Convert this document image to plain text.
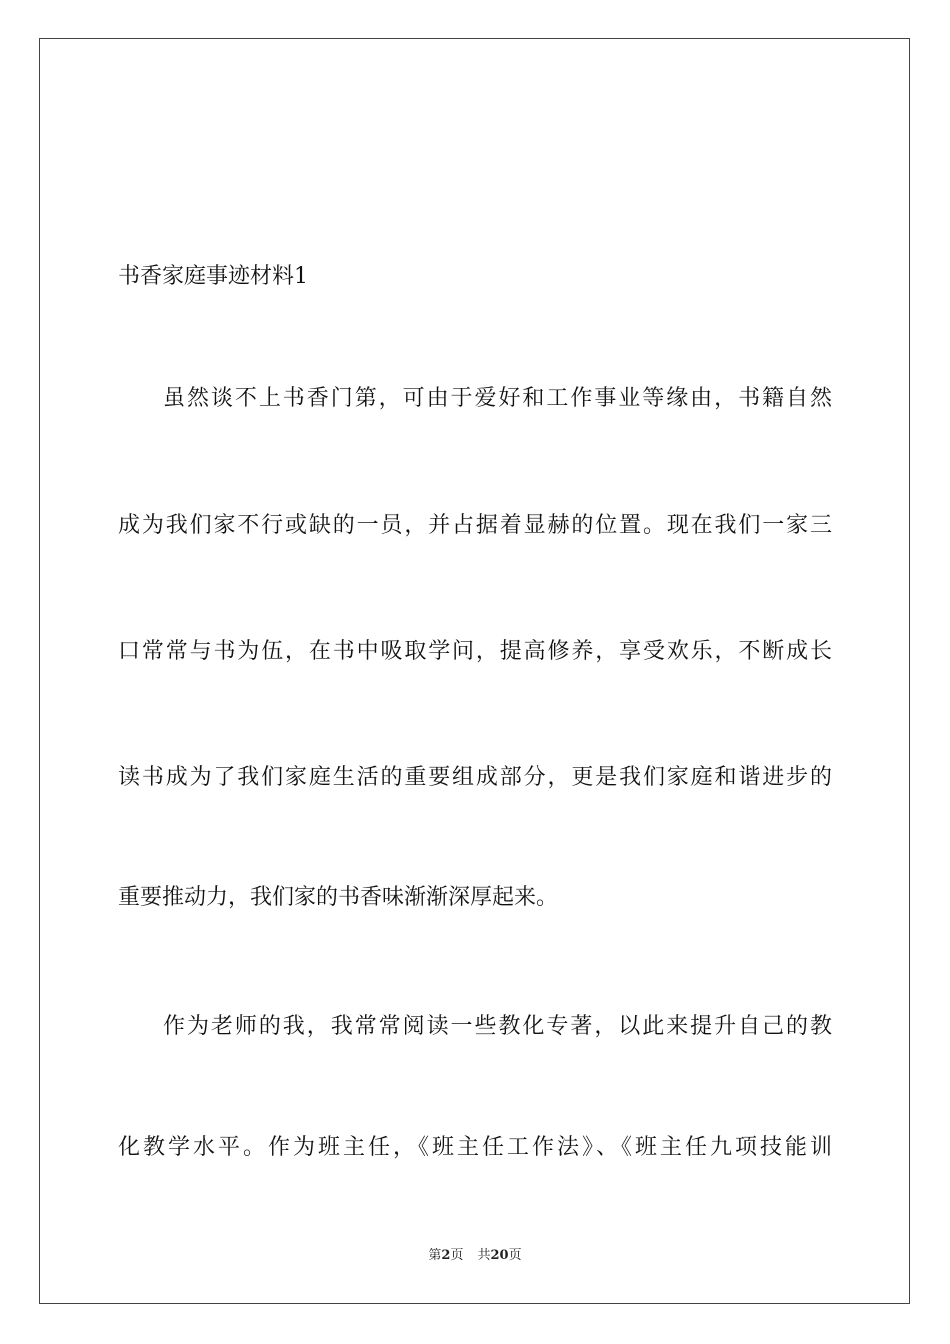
书香家庭事迹材料1
虽然谈不上书香门第，可由于爱好和工作事业等缘由，书籍自然
成为我们家不行或缺的一员，并占据着显赫的位置。现在我们一家三
口常常与书为伍，在书中吸取学问，提高修养，享受欢乐，不断成长
读书成为了我们家庭生活的重要组成部分，更是我们家庭和谐进步的
重要推动力，我们家的书香味渐渐深厚起来。
作为老师的我，我常常阅读一些教化专著，以此来提升自己的教
化教学水平。作为班主任，《班主任工作法》、《班主任九项技能训
第2页 共20页
